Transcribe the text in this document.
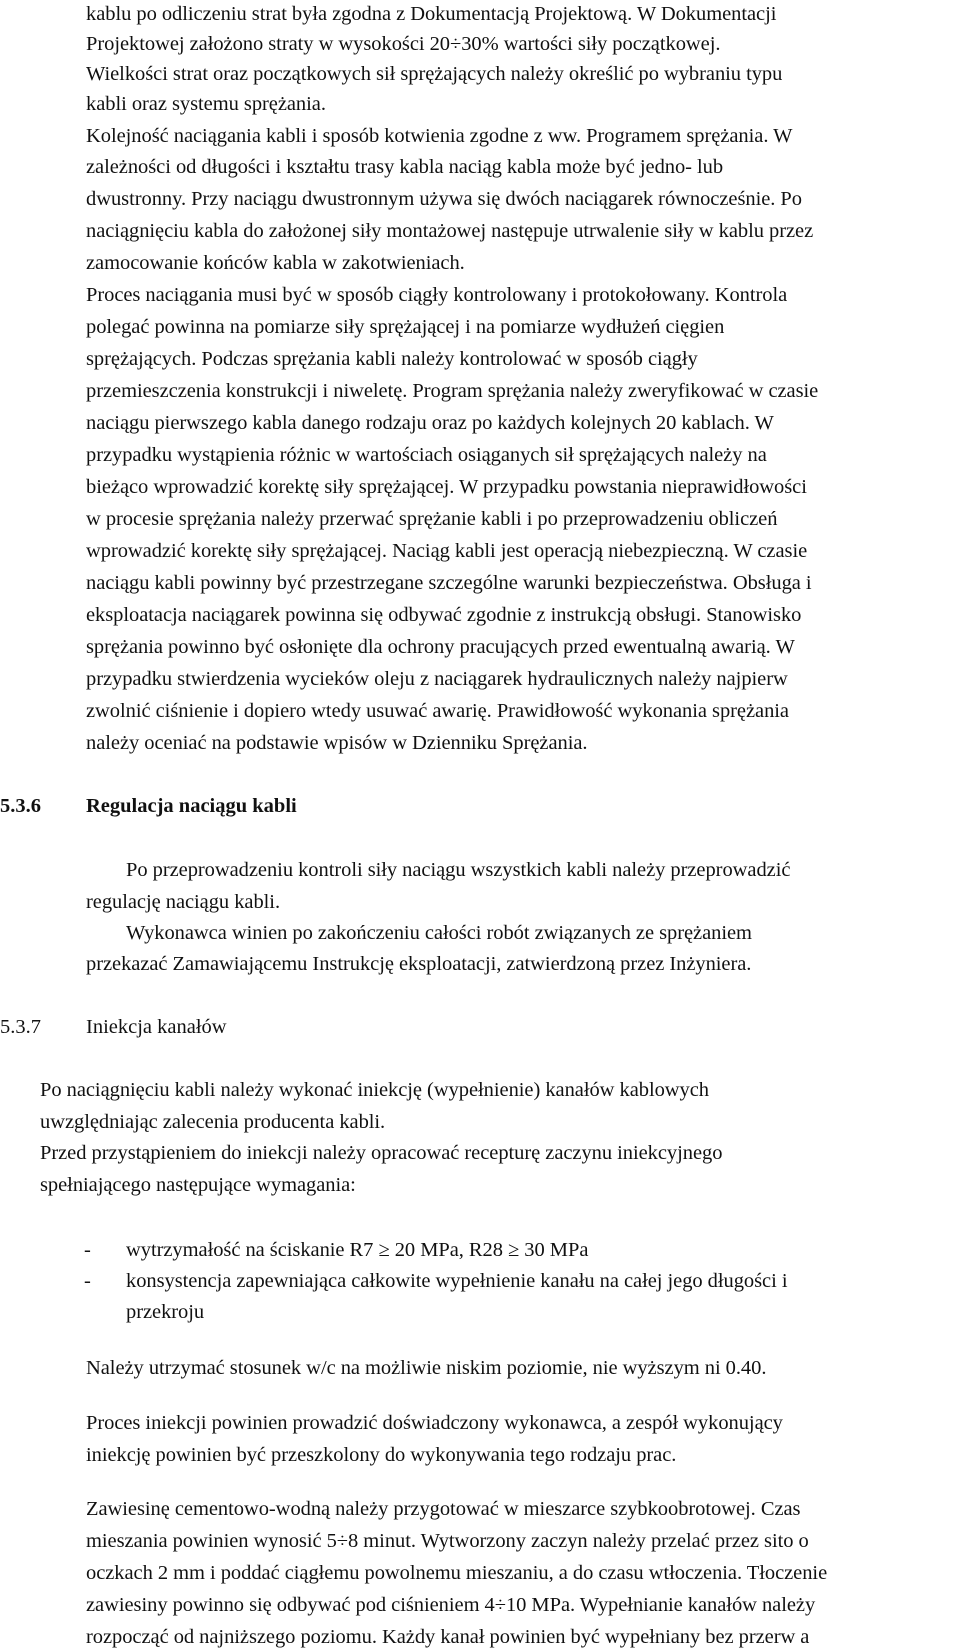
kablu po odliczeniu strat była zgodna z Dokumentacją Projektową. W Dokumentacji
Projektowej założono straty w wysokości 20÷30% wartości siły początkowej.
Wielkości strat oraz początkowych sił sprężających należy określić po wybraniu typu
kabli oraz systemu sprężania.
Kolejność naciągania kabli i sposób kotwienia zgodne z ww. Programem sprężania. W
zależności od długości i kształtu trasy kabla naciąg kabla może być jedno- lub
dwustronny. Przy naciągu dwustronnym używa się dwóch naciągarek równocześnie. Po
naciągnięciu kabla do założonej siły montażowej następuje utrwalenie siły w kablu przez
zamocowanie końców kabla w zakotwieniach.
Proces naciągania musi być w sposób ciągły kontrolowany i protokołowany. Kontrola
polegać powinna na pomiarze siły sprężającej i na pomiarze wydłużeń cięgien
sprężających. Podczas sprężania kabli należy kontrolować w sposób ciągły
przemieszczenia konstrukcji i niweletę. Program sprężania należy zweryfikować w czasie
naciągu pierwszego kabla danego rodzaju oraz po każdych kolejnych 20 kablach. W
przypadku wystąpienia różnic w wartościach osiąganych sił sprężających należy na
bieżąco wprowadzić korektę siły sprężającej. W przypadku powstania nieprawidłowości
w procesie sprężania należy przerwać sprężanie kabli i po przeprowadzeniu obliczeń
wprowadzić korektę siły sprężającej. Naciąg kabli jest operacją niebezpieczną. W czasie
naciągu kabli powinny być przestrzegane szczególne warunki bezpieczeństwa. Obsługa i
eksploatacja naciągarek powinna się odbywać zgodnie z instrukcją obsługi. Stanowisko
sprężania powinno być osłonięte dla ochrony pracujących przed ewentualną awarią. W
przypadku stwierdzenia wycieków oleju z naciągarek hydraulicznych należy najpierw
zwolnić ciśnienie i dopiero wtedy usuwać awarię. Prawidłowość wykonania sprężania
należy oceniać na podstawie wpisów w Dzienniku Sprężania.
5.3.6 Regulacja naciągu kabli
Po przeprowadzeniu kontroli siły naciągu wszystkich kabli należy przeprowadzić
regulację naciągu kabli.
Wykonawca winien po zakończeniu całości robót związanych ze sprężaniem
przekazać Zamawiającemu Instrukcję eksploatacji, zatwierdzoną przez Inżyniera.
5.3.7 Iniekcja kanałów
Po naciągnięciu kabli należy wykonać iniekcję (wypełnienie) kanałów kablowych
uwzględniając zalecenia producenta kabli.
Przed przystąpieniem do iniekcji należy opracować recepturę zaczynu iniekcyjnego
spełniającego następujące wymagania:
- wytrzymałość na ściskanie R7 ≥ 20 MPa, R28 ≥ 30 MPa
- konsystencja zapewniająca całkowite wypełnienie kanału na całej jego długości i
przekroju
Należy utrzymać stosunek w/c na możliwie niskim poziomie, nie wyższym ni 0.40.
Proces iniekcji powinien prowadzić doświadczony wykonawca, a zespół wykonujący
iniekcję powinien być przeszkolony do wykonywania tego rodzaju prac.
Zawiesinę cementowo-wodną należy przygotować w mieszarce szybkoobrotowej. Czas
mieszania powinien wynosić 5÷8 minut. Wytworzony zaczyn należy przelać przez sito o
oczkach 2 mm i poddać ciągłemu powolnemu mieszaniu, a do czasu wtłoczenia. Tłoczenie
zawiesiny powinno się odbywać pod ciśnieniem 4÷10 MPa. Wypełnianie kanałów należy
rozpocząć od najniższego poziomu. Każdy kanał powinien być wypełniany bez przerw a
